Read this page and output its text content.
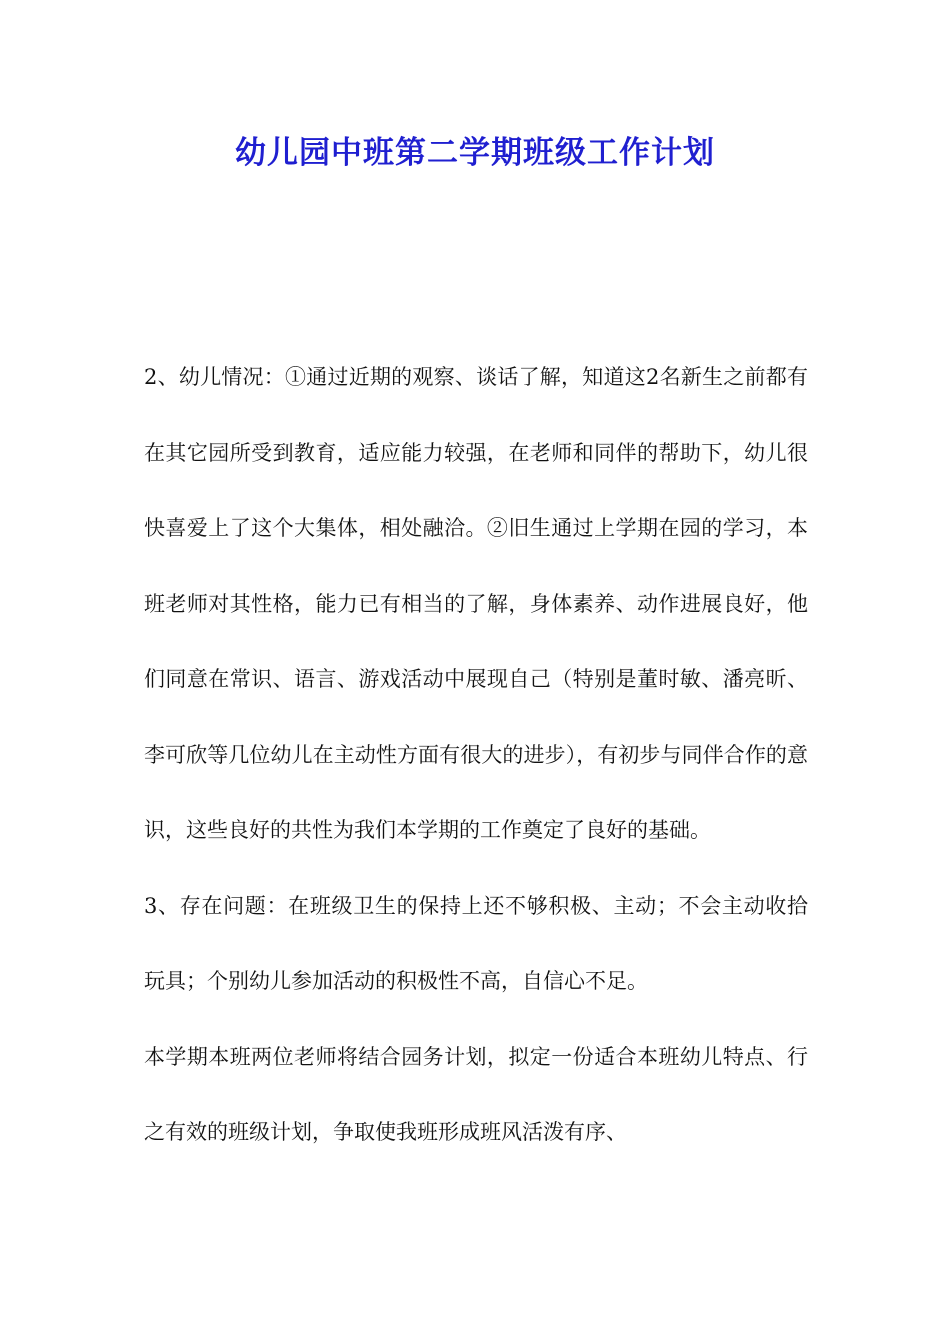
幼儿园中班第二学期班级工作计划

2、幼儿情况：①通过近期的观察、谈话了解，知道这2名新生之前都有在其它园所受到教育，适应能力较强，在老师和同伴的帮助下，幼儿很快喜爱上了这个大集体，相处融洽。②旧生通过上学期在园的学习，本班老师对其性格，能力已有相当的了解，身体素养、动作进展良好，他们同意在常识、语言、游戏活动中展现自己（特别是董时敏、潘亮昕、李可欣等几位幼儿在主动性方面有很大的进步），有初步与同伴合作的意识，这些良好的共性为我们本学期的工作奠定了良好的基础。

3、存在问题：在班级卫生的保持上还不够积极、主动；不会主动收拾玩具；个别幼儿参加活动的积极性不高，自信心不足。

本学期本班两位老师将结合园务计划，拟定一份适合本班幼儿特点、行之有效的班级计划，争取使我班形成班风活泼有序、
